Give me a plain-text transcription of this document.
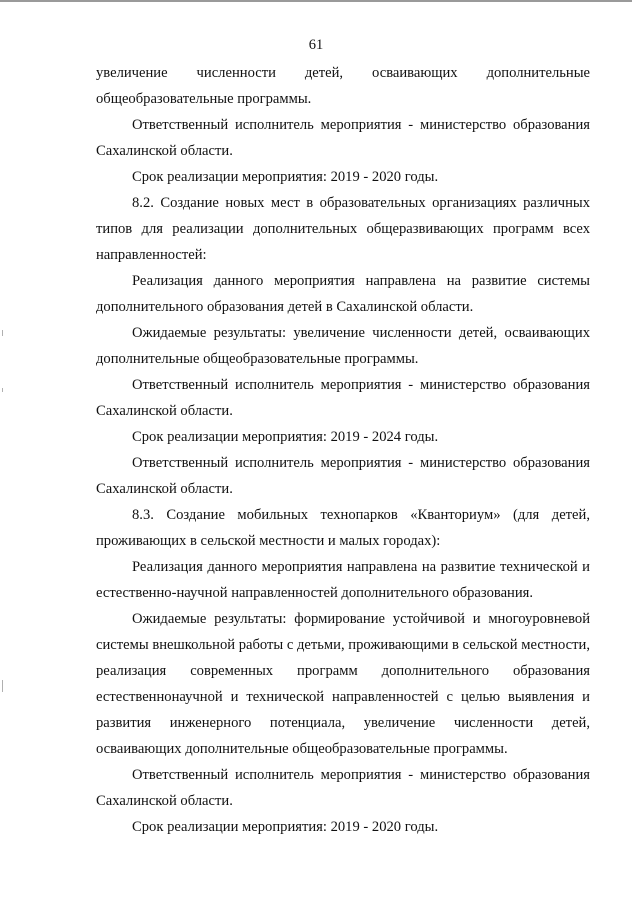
61

увеличение численности детей, осваивающих дополнительные

общеобразовательные программы.

Ответственный исполнитель мероприятия - министерство образования Сахалинской области.

Срок реализации мероприятия: 2019 - 2020 годы.

8.2. Создание новых мест в образовательных организациях различных типов для реализации дополнительных общеразвивающих программ всех направленностей:

Реализация данного мероприятия направлена на развитие системы дополнительного образования детей в Сахалинской области.

Ожидаемые результаты: увеличение численности детей, осваивающих дополнительные общеобразовательные программы.

Ответственный исполнитель мероприятия - министерство образования Сахалинской области.

Срок реализации мероприятия: 2019 - 2024 годы.

Ответственный исполнитель мероприятия - министерство образования Сахалинской области.

8.3. Создание мобильных технопарков «Кванториум» (для детей, проживающих в сельской местности и малых городах):

Реализация данного мероприятия направлена на развитие технической и естественно-научной направленностей дополнительного образования.

Ожидаемые результаты: формирование устойчивой и многоуровневой системы внешкольной работы с детьми, проживающими в сельской местности, реализация современных программ дополнительного образования естественнонаучной и технической направленностей с целью выявления и развития инженерного потенциала, увеличение численности детей, осваивающих дополнительные общеобразовательные программы.

Ответственный исполнитель мероприятия - министерство образования Сахалинской области.

Срок реализации мероприятия: 2019 - 2020 годы.
